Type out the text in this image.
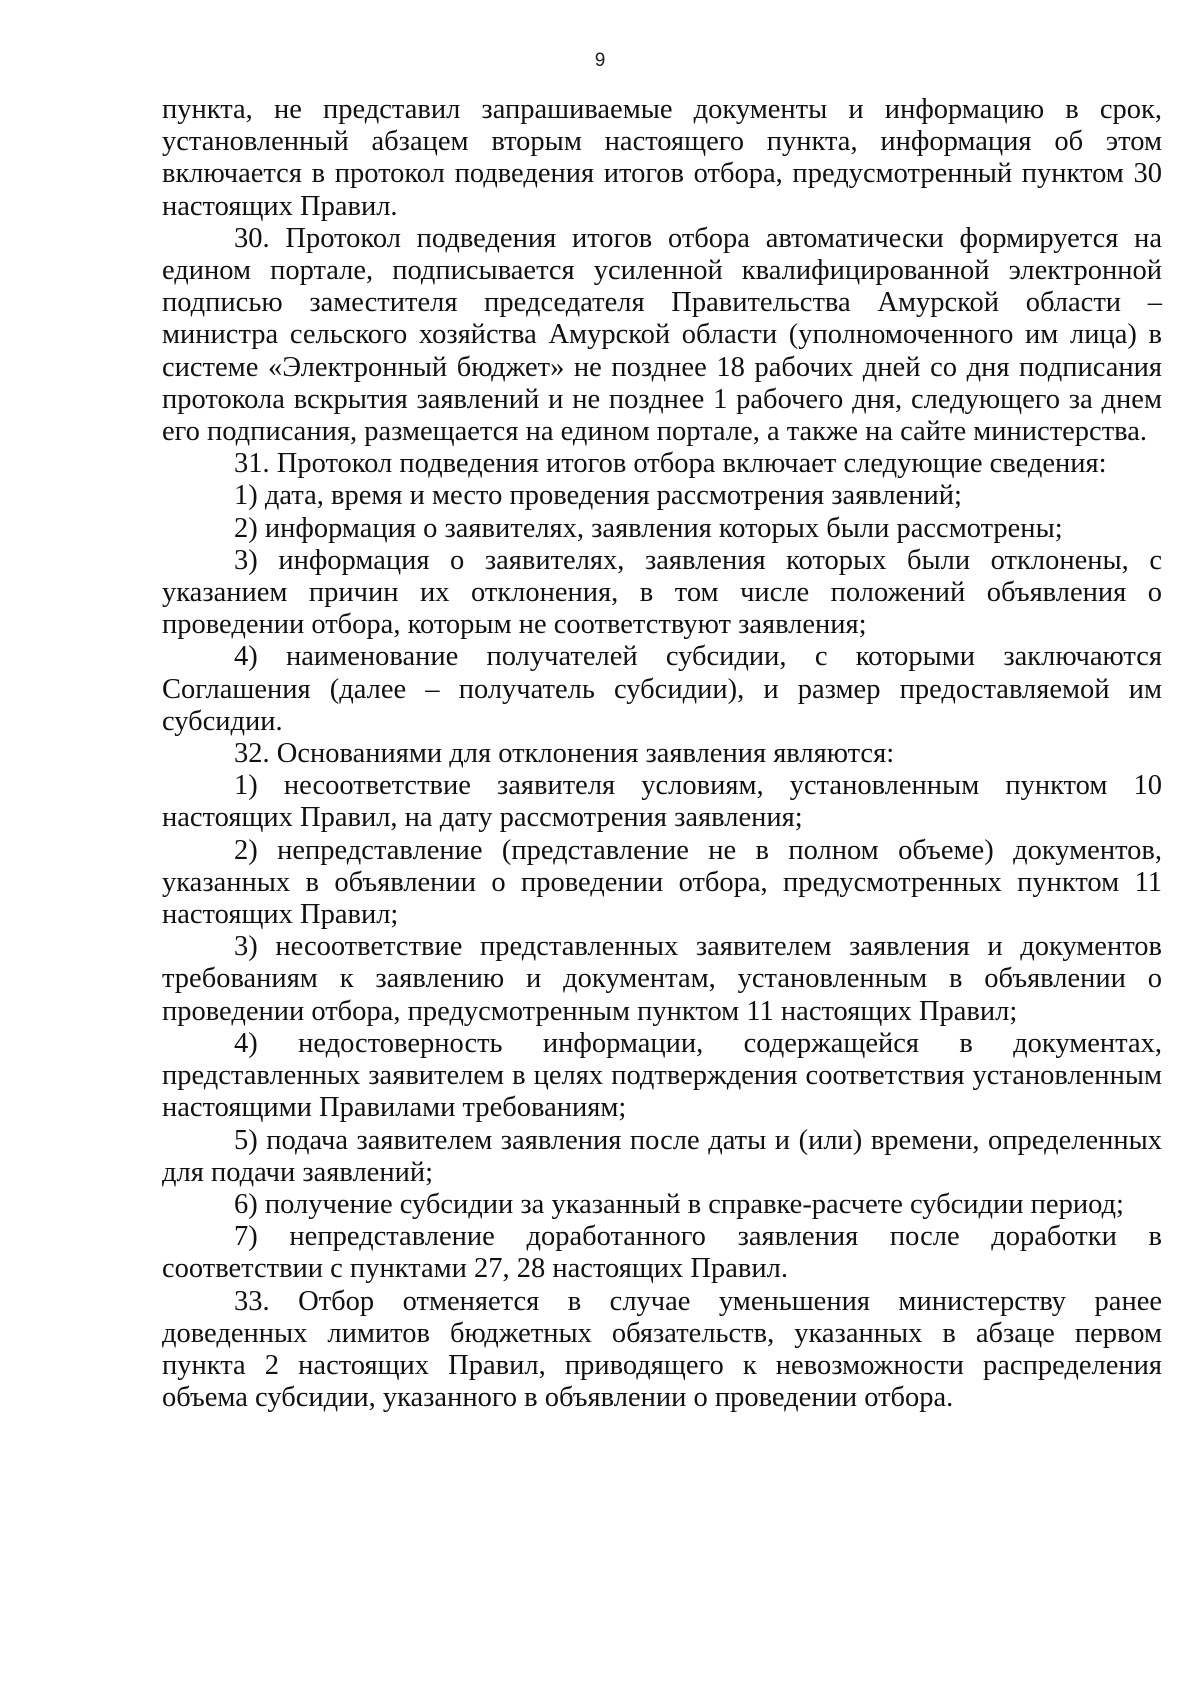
9

пункта, не представил запрашиваемые документы и информацию в срок, установленный абзацем вторым настоящего пункта, информация об этом включается в протокол подведения итогов отбора, предусмотренный пунктом 30 настоящих Правил.

30. Протокол подведения итогов отбора автоматически формируется на едином портале, подписывается усиленной квалифицированной электронной подписью заместителя председателя Правительства Амурской области – министра сельского хозяйства Амурской области (уполномоченного им лица) в системе «Электронный бюджет» не позднее 18 рабочих дней со дня подписания протокола вскрытия заявлений и не позднее 1 рабочего дня, следующего за днем его подписания, размещается на едином портале, а также на сайте министерства.

31. Протокол подведения итогов отбора включает следующие сведения:

1) дата, время и место проведения рассмотрения заявлений;

2) информация о заявителях, заявления которых были рассмотрены;

3) информация о заявителях, заявления которых были отклонены, с указанием причин их отклонения, в том числе положений объявления о проведении отбора, которым не соответствуют заявления;

4) наименование получателей субсидии, с которыми заключаются Соглашения (далее – получатель субсидии), и размер предоставляемой им субсидии.

32. Основаниями для отклонения заявления являются:

1) несоответствие заявителя условиям, установленным пунктом 10 настоящих Правил, на дату рассмотрения заявления;

2) непредставление (представление не в полном объеме) документов, указанных в объявлении о проведении отбора, предусмотренных пунктом 11 настоящих Правил;

3) несоответствие представленных заявителем заявления и документов требованиям к заявлению и документам, установленным в объявлении о проведении отбора, предусмотренным пунктом 11 настоящих Правил;

4) недостоверность информации, содержащейся в документах, представленных заявителем в целях подтверждения соответствия установленным настоящими Правилами требованиям;

5) подача заявителем заявления после даты и (или) времени, определенных для подачи заявлений;

6) получение субсидии за указанный в справке-расчете субсидии период;

7) непредставление доработанного заявления после доработки в соответствии с пунктами 27, 28 настоящих Правил.

33. Отбор отменяется в случае уменьшения министерству ранее доведенных лимитов бюджетных обязательств, указанных в абзаце первом пункта 2 настоящих Правил, приводящего к невозможности распределения объема субсидии, указанного в объявлении о проведении отбора.
